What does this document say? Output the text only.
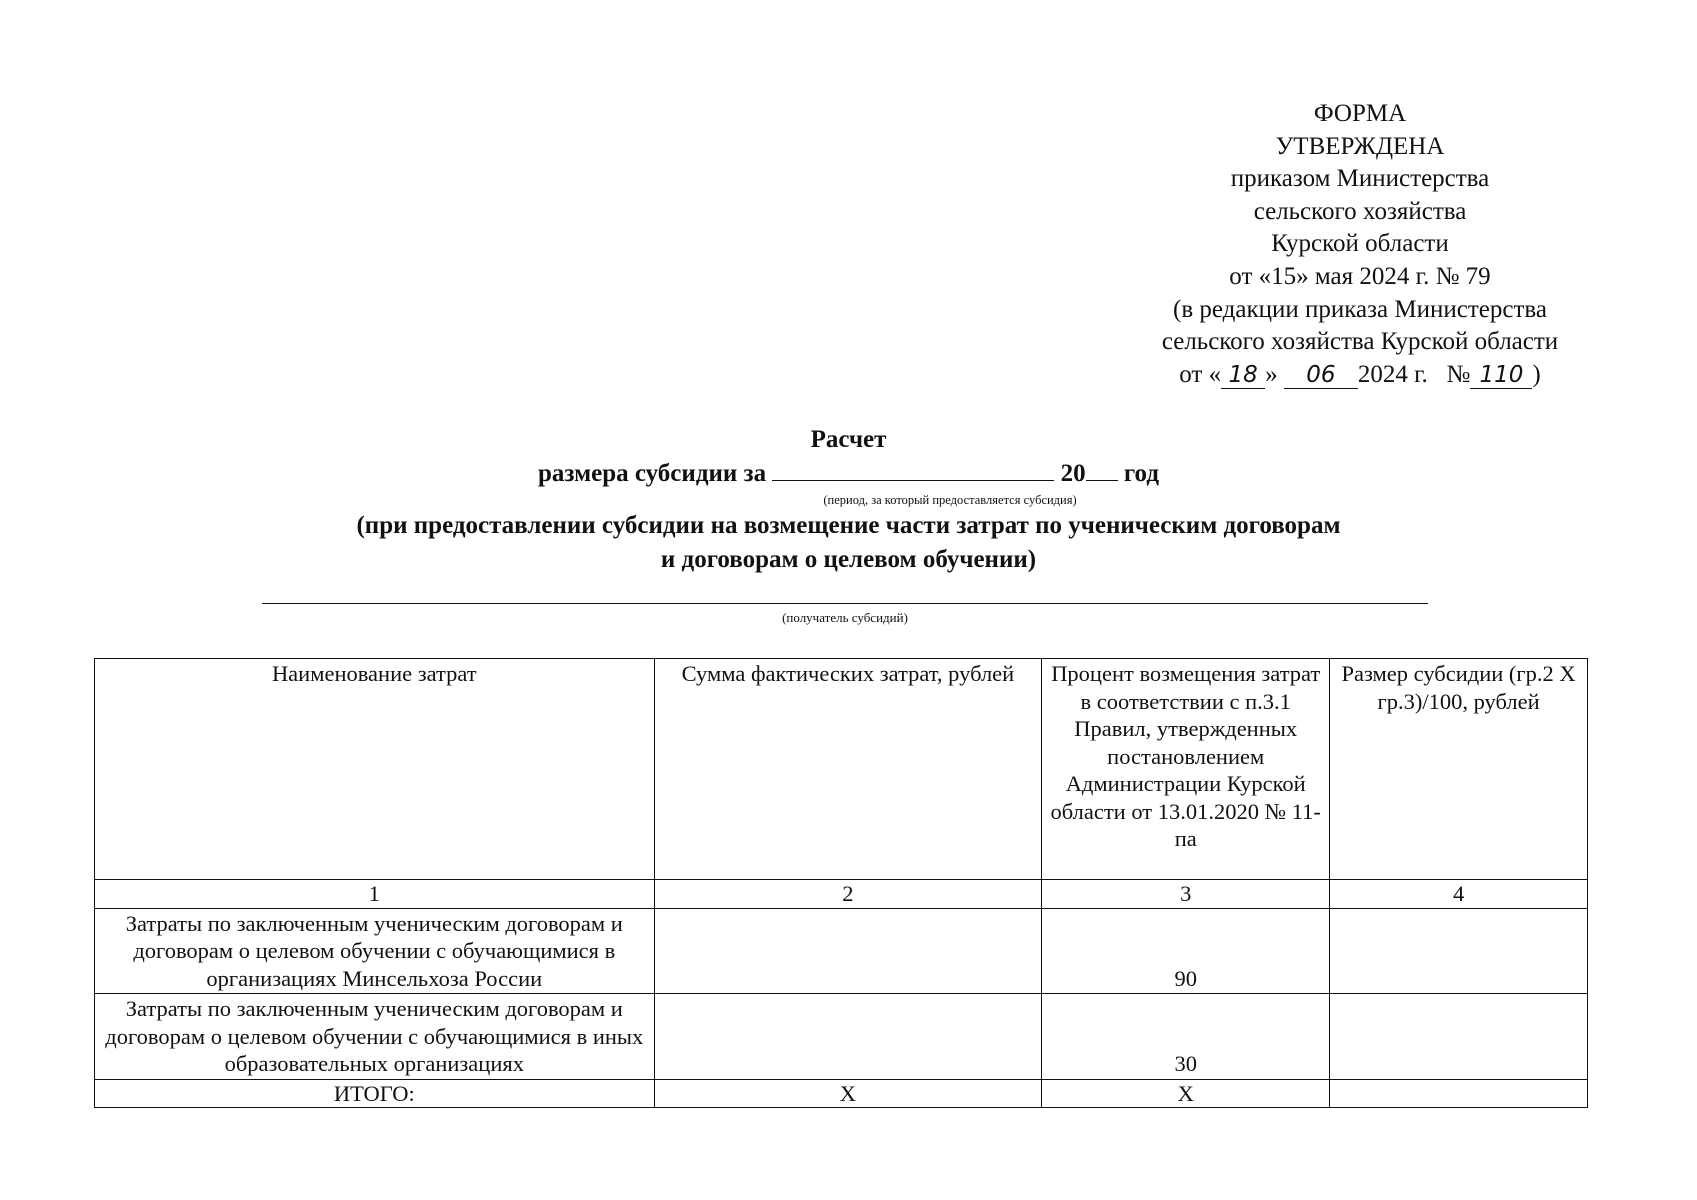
ФОРМА
УТВЕРЖДЕНА
приказом Министерства
сельского хозяйства
Курской области
от «15» мая 2024 г. № 79
(в редакции приказа Министерства
сельского хозяйства Курской области
от « 18 » 06 2024 г. № 110 )
Расчет
размера субсидии за	20 год
(период, за который предоставляется субсидия)
(при предоставлении субсидии на возмещение части затрат по ученическим договорам
и договорам о целевом обучении)
(получатель субсидий)
Наименование затрат	Сумма фактических затрат, рублей	Процент возмещения затрат в соответствии с п.3.1 Правил, утвержденных постановлением Администрации Курской области от 13.01.2020 № 11-па	Размер субсидии (гр.2 Х гр.3)/100, рублей
1	2	3	4
Затраты по заключенным ученическим договорам и договорам о целевом обучении с обучающимися в организациях Минсельхоза России		90	
Затраты по заключенным ученическим договорам и договорам о целевом обучении с обучающимися в иных образовательных организациях		30	
ИТОГО:	Х	Х	
